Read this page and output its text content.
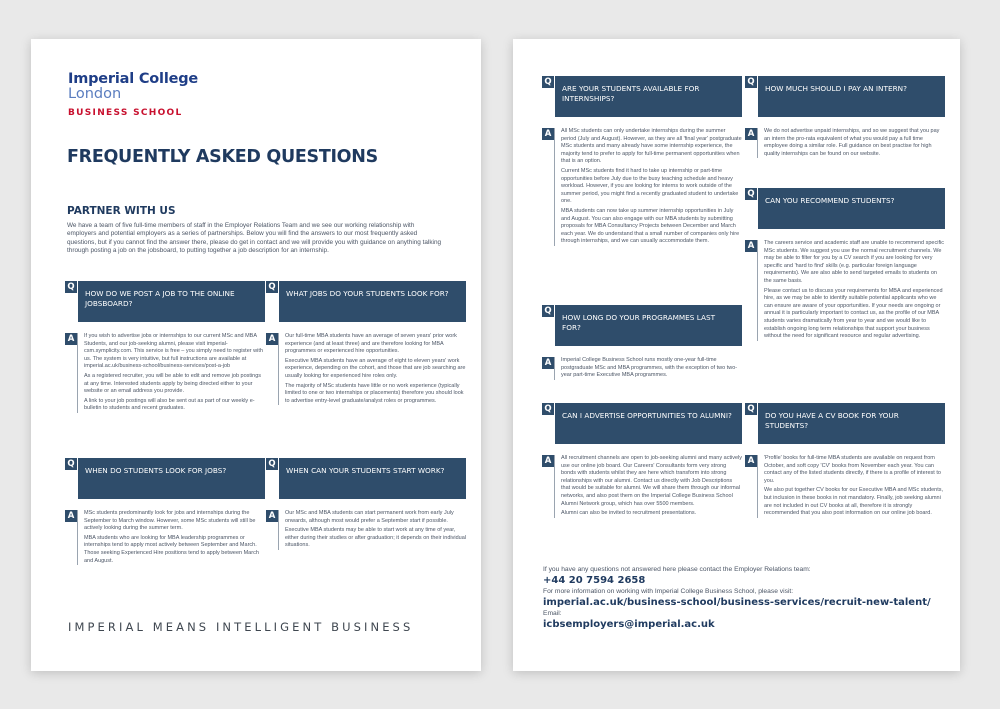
Imperial College
London
BUSINESS SCHOOL
FREQUENTLY ASKED QUESTIONS
PARTNER WITH US
We have a team of five full-time members of staff in the Employer Relations Team and we see our working relationship with employers and potential employers as a series of partnerships. Below you will find the answers to our most frequently asked questions, but if you cannot find the answer there, please do get in contact and we will provide you with guidance on anything talking through posting a job on the jobsboard, to putting together a job description for an internship.
Q
HOW DO WE POST A JOB TO THE ONLINE JOBSBOARD?
A	If you wish to advertise jobs or internships to our current MSc and MBA Students, and our job-seeking alumni, please visit imperial-csm.symplicity.com. This service is free – you simply need to register with us. The system is very intuitive, but full instructions are available at imperial.ac.uk/business-school/business-services/post-a-job

As a registered recruiter, you will be able to edit and remove job postings at any time. Interested students apply by being directed either to your website or an email address you provide.

A link to your job postings will also be sent out as part of our weekly e-bulletin to students and recent graduates.

Q
WHAT JOBS DO YOUR STUDENTS LOOK FOR?
A	Our full-time MBA students have an average of seven years' prior work experience (and at least three) and are therefore looking for MBA programmes or experienced hire opportunities.

Executive MBA students have an average of eight to eleven years' work experience, depending on the cohort, and those that are job searching are usually looking for experienced hire roles only.

The majority of MSc students have little or no work experience (typically limited to one or two internships or placements) therefore you should look to advertise entry-level graduate/analyst roles or programmes.

Q
WHEN DO STUDENTS LOOK FOR JOBS?
A	MSc students predominantly look for jobs and internships during the September to March window. However, some MSc students will still be actively looking during the summer term.

MBA students who are looking for MBA leadership programmes or internships tend to apply most actively between September and March. Those seeking Experienced Hire positions tend to apply between March and August.

Q
WHEN CAN YOUR STUDENTS START WORK?
A	Our MSc and MBA students can start permanent work from early July onwards, although most would prefer a September start if possible.

Executive MBA students may be able to start work at any time of year, either during their studies or after graduation; it depends on their individual situations.

IMPERIAL MEANS INTELLIGENT BUSINESS
Q
ARE YOUR STUDENTS AVAILABLE FOR INTERNSHIPS?
A	All MSc students can only undertake internships during the summer period (July and August). However, as they are all 'final year' postgraduate MSc students and many already have some internship experience, the majority tend to prefer to apply for full-time permanent opportunities when that is an option.

Current MSc students find it hard to take up internship or part-time opportunities before July due to the busy teaching schedule and heavy workload. However, if you are looking for interns to work outside of the summer period, you might find a recently graduated student to undertake one.

MBA students can now take up summer internship opportunities in July and August. You can also engage with our MBA students by submitting proposals for MBA Consultancy Projects between December and March each year. We do understand that a small number of companies only hire through internships, and we can usually accommodate them.

Q
HOW MUCH SHOULD I PAY AN INTERN?
A	We do not advertise unpaid internships, and so we suggest that you pay an intern the pro-rata equivalent of what you would pay a full time employee doing a similar role. Full guidance on best practise for high quality internships can be found on our website.

Q
CAN YOU RECOMMEND STUDENTS?
A	The careers service and academic staff are unable to recommend specific MSc students. We suggest you use the normal recruitment channels. We may be able to filter for you by a CV search if you are looking for very specific and 'hard to find' skills (e.g. particular foreign language requirements). We are also able to send targeted emails to students on the same basis.

Please contact us to discuss your requirements for MBA and experienced hire, as we may be able to identify suitable potential applicants who we can ensure are aware of your opportunities. If your needs are ongoing or annual it is particularly important to contact us, as the profile of our MBA students varies dramatically from year to year and we would like to establish ongoing long term relationships that support your business without the need for significant resource and regular advertising.

Q
HOW LONG DO YOUR PROGRAMMES LAST FOR?
A	Imperial College Business School runs mostly one-year full-time postgraduate MSc and MBA programmes, with the exception of two two-year part-time Executive MBA programmes.

Q
CAN I ADVERTISE OPPORTUNITIES TO ALUMNI?
A	All recruitment channels are open to job-seeking alumni and many actively use our online job board. Our Careers' Consultants form very strong bonds with students whilst they are here which transform into strong relationships with our alumni. Contact us directly with Job Descriptions that would be suitable for alumni. We will share them through our informal networks, and also post them on the Imperial College Business School Alumni Network group, which has over 5500 members.

Alumni can also be invited to recruitment presentations.

Q
DO YOU HAVE A CV BOOK FOR YOUR STUDENTS?
A	'Profile' books for full-time MBA students are available on request from October, and soft copy 'CV' books from November each year. You can contact any of the listed students directly, if there is a profile of interest to you.

We also put together CV books for our Executive MBA and MSc students, but inclusion in these books in not mandatory. Finally, job seeking alumni are not included in out CV books at all, therefore it is strongly recommended that you also post information on our online job board.

If you have any questions not answered here please contact the Employer Relations team:
+44 20 7594 2658
For more information on working with Imperial College Business School, please visit:
imperial.ac.uk/business-school/business-services/recruit-new-talent/
Email:
icbsemployers@imperial.ac.uk
